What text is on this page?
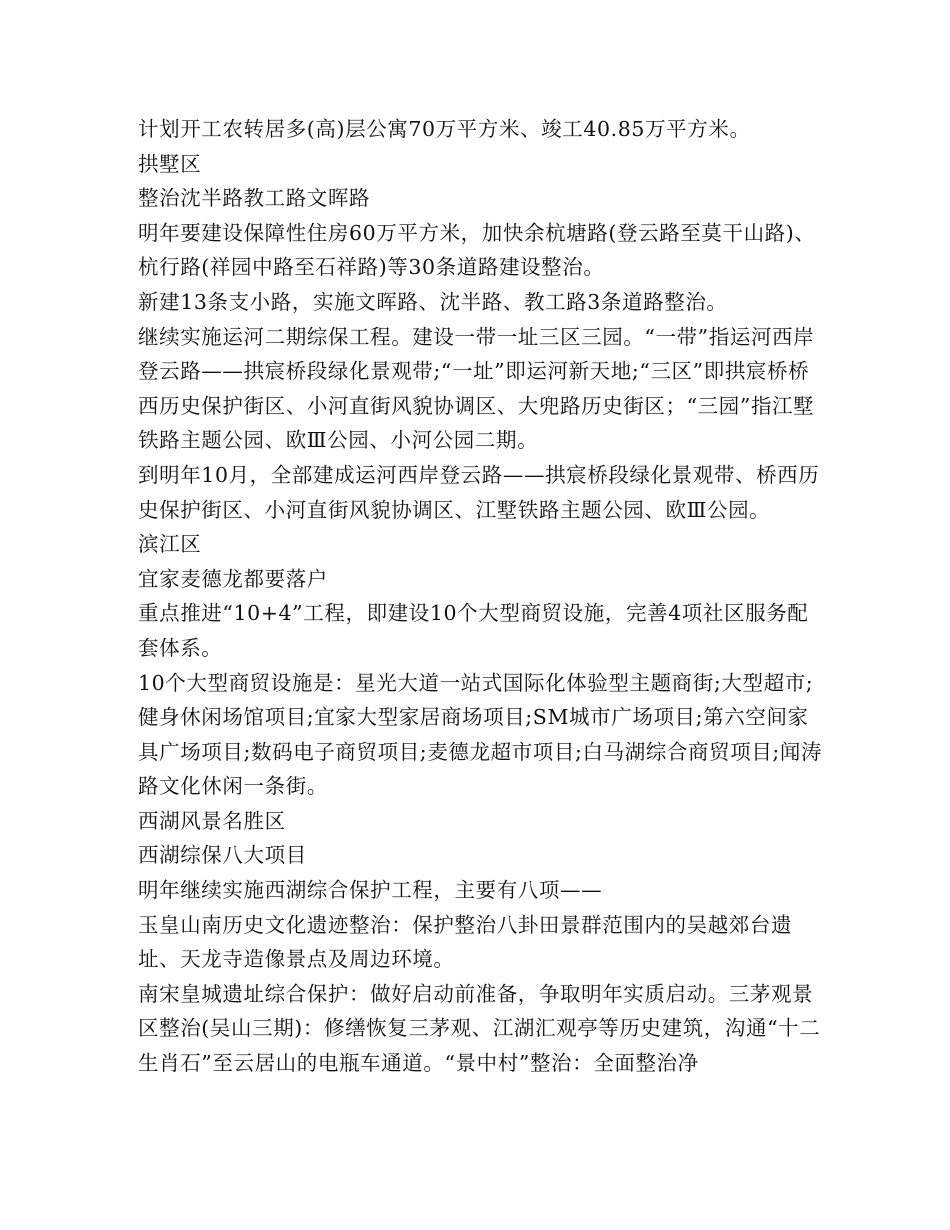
计划开工农转居多(高)层公寓70万平方米、竣工40.85万平方米。

拱墅区

整治沈半路教工路文晖路

明年要建设保障性住房60万平方米，加快余杭塘路(登云路至莫干山路)、杭行路(祥园中路至石祥路)等30条道路建设整治。

新建13条支小路，实施文晖路、沈半路、教工路3条道路整治。

继续实施运河二期综保工程。建设一带一址三区三园。“一带”指运河西岸登云路——拱宸桥段绿化景观带;“一址”即运河新天地;“三区”即拱宸桥桥西历史保护街区、小河直街风貌协调区、大兜路历史街区；“三园”指江墅铁路主题公园、欧Ⅲ公园、小河公园二期。

到明年10月，全部建成运河西岸登云路——拱宸桥段绿化景观带、桥西历史保护街区、小河直街风貌协调区、江墅铁路主题公园、欧Ⅲ公园。

滨江区

宜家麦德龙都要落户

重点推进“10+4”工程，即建设10个大型商贸设施，完善4项社区服务配套体系。

10个大型商贸设施是：星光大道一站式国际化体验型主题商街;大型超市;健身休闲场馆项目;宜家大型家居商场项目;SM城市广场项目;第六空间家具广场项目;数码电子商贸项目;麦德龙超市项目;白马湖综合商贸项目;闻涛路文化休闲一条街。

西湖风景名胜区

西湖综保八大项目

明年继续实施西湖综合保护工程，主要有八项——

玉皇山南历史文化遗迹整治：保护整治八卦田景群范围内的吴越郊台遗址、天龙寺造像景点及周边环境。

南宋皇城遗址综合保护：做好启动前准备，争取明年实质启动。三茅观景区整治(吴山三期)：修缮恢复三茅观、江湖汇观亭等历史建筑，沟通“十二生肖石”至云居山的电瓶车通道。“景中村”整治：全面整治净
